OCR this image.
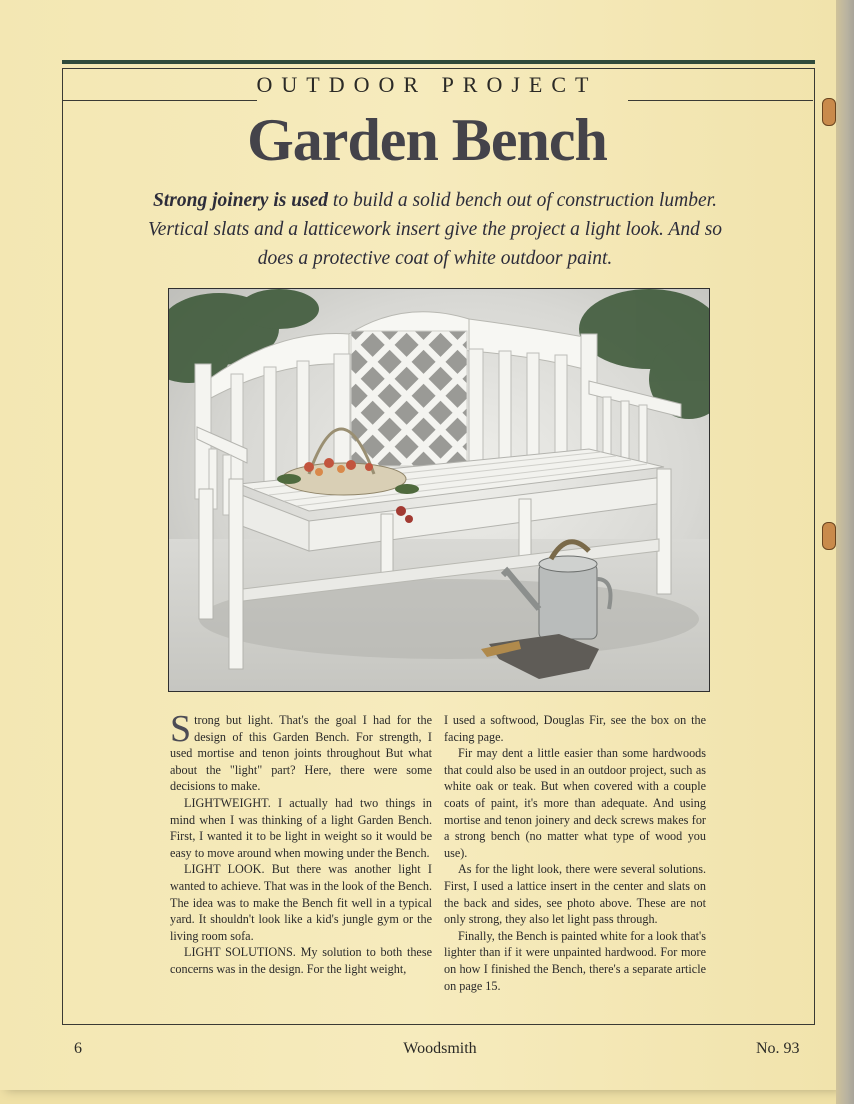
OUTDOOR PROJECT
Garden Bench
Strong joinery is used to build a solid bench out of construction lumber. Vertical slats and a latticework insert give the project a light look. And so does a protective coat of white outdoor paint.

Strong but light. That's the goal I had for the design of this Garden Bench. For strength, I used mortise and tenon joints throughout But what about the "light" part? Here, there were some decisions to make.

LIGHTWEIGHT. I actually had two things in mind when I was thinking of a light Garden Bench. First, I wanted it to be light in weight so it would be easy to move around when mowing under the Bench.

LIGHT LOOK. But there was another light I wanted to achieve. That was in the look of the Bench. The idea was to make the Bench fit well in a typical yard. It shouldn't look like a kid's jungle gym or the living room sofa.

LIGHT SOLUTIONS. My solution to both these concerns was in the design. For the light weight,

I used a softwood, Douglas Fir, see the box on the facing page.

Fir may dent a little easier than some hardwoods that could also be used in an outdoor project, such as white oak or teak. But when covered with a couple coats of paint, it's more than adequate. And using mortise and tenon joinery and deck screws makes for a strong bench (no matter what type of wood you use).

As for the light look, there were several solutions. First, I used a lattice insert in the center and slats on the back and sides, see photo above. These are not only strong, they also let light pass through.

Finally, the Bench is painted white for a look that's lighter than if it were unpainted hardwood. For more on how I finished the Bench, there's a separate article on page 15.

6	Woodsmith	No. 93
